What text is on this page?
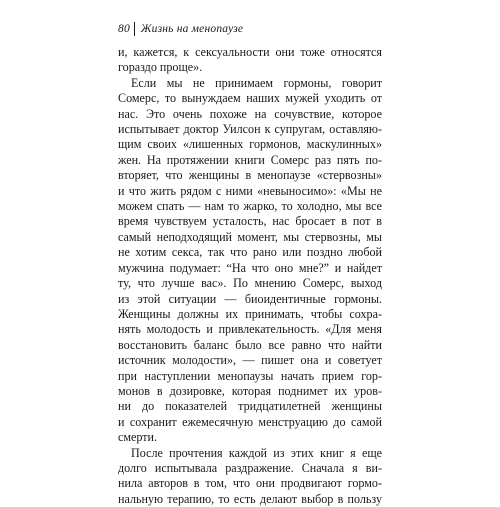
80 Жизнь на менопаузе
и, кажется, к сексуальности они тоже относятся
гораздо проще».
Если мы не принимаем гормоны, говорит
Сомерс, то вынуждаем наших мужей уходить от
нас. Это очень похоже на сочувствие, которое
испытывает доктор Уилсон к супругам, оставляю-
щим своих «лишенных гормонов, маскулинных»
жен. На протяжении книги Сомерс раз пять по-
вторяет, что женщины в менопаузе «стервозны»
и что жить рядом с ними «невыносимо»: «Мы не
можем спать — нам то жарко, то холодно, мы все
время чувствуем усталость, нас бросает в пот в
самый неподходящий момент, мы стервозны, мы
не хотим секса, так что рано или поздно любой
мужчина подумает: “На что оно мне?” и найдет
ту, что лучше вас». По мнению Сомерс, выход
из этой ситуации — биоидентичные гормоны.
Женщины должны их принимать, чтобы сохра-
нять молодость и привлекательность. «Для меня
восстановить баланс было все равно что найти
источник молодости», — пишет она и советует
при наступлении менопаузы начать прием гор-
монов в дозировке, которая поднимет их уров-
ни до показателей тридцатилетней женщины
и сохранит ежемесячную менструацию до самой
смерти.
После прочтения каждой из этих книг я еще
долго испытывала раздражение. Сначала я ви-
нила авторов в том, что они продвигают гормо-
нальную терапию, то есть делают выбор в пользу
